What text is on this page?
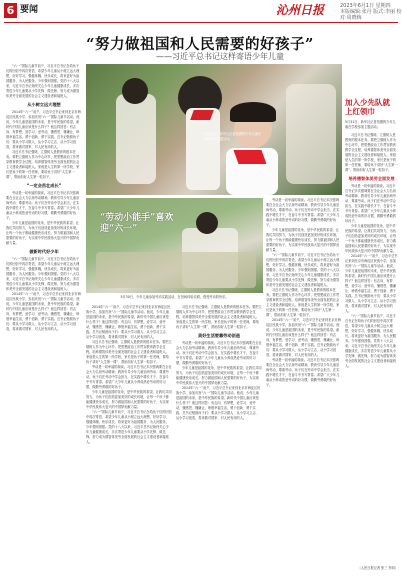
6 要闻	沁州日报	2023年6月1日 星期四
本版编辑:张丹 版式:李丽 校对:周晓梅
“努力做祖国和人民需要的好孩子”
——习近平总书记这样寄语少年儿童

“六一”国际儿童节前夕，习近平总书记在给孩子们的回信中再次寄语，希望少年儿童从小树立远大理想，好好学习，强健体魄，快乐成长，将来更好为祖国服务、为人民服务。少年强则国强。党的十八大以来，习近平总书记始终关心少年儿童健康成长，多次寄语少年儿童要从小学先锋、做先锋，努力成为德智体美劳全面发展的社会主义建设者和接班人。

从小树立远大理想

2014年“六一”前夕，习近平总书记来到北京市海淀区民族小学，参加庆祝“六一”国际儿童节活动。他说，少年儿童是祖国的未来，是中华民族的希望。新时代中国儿童应该是什么样子？他这样回答：有志向、有梦想，爱学习、爱劳动，懂感恩、懂谦让，珍惜幸福生活，勇于创新、勇于实践。总书记勉励孩子们：要从小学习做人、从小学习立志、从小学习创造，将来做对国家、对人民有用的人。

习近平总书记强调，立德树人是教育的根本任务。要把立德树人作为中心环节，把思想政治工作贯穿教育教学全过程，培养德智体美劳全面发展的社会主义建设者和接班人。家庭是人生的第一所学校，家长是孩子的第一任老师，要给孩子讲好“人生第一课”，帮助扣好人生第一粒扣子。

“一定会茁壮成长”

劳动是一切幸福的源泉。习近平总书记多次强调要在全社会大力弘扬劳动精神，教育引导少年儿童崇尚劳动、尊重劳动。孩子们在劳动中学会担当，在实践中增长才干，在奋斗中书写青春。希望广大少年儿童从小养成热爱劳动的好习惯，做勤劳勇敢的好孩子。

少年儿童是祖国的花朵，是中华民族的希望。让我们共同努力，为孩子们创造更加美好的成长环境，让每一个孩子都能健康快乐成长，努力做祖国和人民需要的好孩子，为实现中华民族伟大复兴的中国梦贡献力量。

做新时代好少年

“六一”国际儿童节前夕，习近平总书记在给孩子们的回信中再次寄语，希望少年儿童从小树立远大理想，好好学习，强健体魄，快乐成长，将来更好为祖国服务、为人民服务。少年强则国强。党的十八大以来，习近平总书记始终关心少年儿童健康成长，多次寄语少年儿童要从小学先锋、做先锋，努力成为德智体美劳全面发展的社会主义建设者和接班人。

2014年“六一”前夕，习近平总书记来到北京市海淀区民族小学，参加庆祝“六一”国际儿童节活动。他说，少年儿童是祖国的未来，是中华民族的希望。新时代中国儿童应该是什么样子？他这样回答：有志向、有梦想，爱学习、爱劳动，懂感恩、懂谦让，珍惜幸福生活，勇于创新、勇于实践。总书记勉励孩子们：要从小学习做人、从小学习立志、从小学习创造，将来做对国家、对人民有用的人。

5月31日，新华社记者拍摄的少年儿童在学校参加主题活动。
加入少先队就上红领巾
5月31日，新华社记者拍摄的少年儿童在学校参加主题活动。

习近平总书记强调，立德树人是教育的根本任务。要把立德树人作为中心环节，把思想政治工作贯穿教育教学全过程，培养德智体美劳全面发展的社会主义建设者和接班人。家庭是人生的第一所学校，家长是孩子的第一任老师，要给孩子讲好“人生第一课”，帮助扣好人生第一粒扣子。

培养德智体美劳全面发展

劳动是一切幸福的源泉。习近平总书记多次强调要在全社会大力弘扬劳动精神，教育引导少年儿童崇尚劳动、尊重劳动。孩子们在劳动中学会担当，在实践中增长才干，在奋斗中书写青春。希望广大少年儿童从小养成热爱劳动的好习惯，做勤劳勇敢的好孩子。

少年儿童是祖国的花朵，是中华民族的希望。让我们共同努力，为孩子们创造更加美好的成长环境，让每一个孩子都能健康快乐成长，努力做祖国和人民需要的好孩子，为实现中华民族伟大复兴的中国梦贡献力量。

2014年“六一”前夕，习近平总书记来到北京市海淀区民族小学，参加庆祝“六一”国际儿童节活动。他说，少年儿童是祖国的未来，是中华民族的希望。新时代中国儿童应该是什么样子？他这样回答：有志向、有梦想，爱学习、爱劳动，懂感恩、懂谦让，珍惜幸福生活，勇于创新、勇于实践。总书记勉励孩子们：要从小学习做人、从小学习立志、从小学习创造，将来做对国家、对人民有用的人。

“六一”国际儿童节前夕，习近平总书记在给孩子们的回信中再次寄语，希望少年儿童从小树立远大理想，好好学习，强健体魄，快乐成长，将来更好为祖国服务、为人民服务。少年强则国强。党的十八大以来，习近平总书记始终关心少年儿童健康成长，多次寄语少年儿童要从小学先锋、做先锋，努力成为德智体美劳全面发展的社会主义建设者和接班人。

“劳动小能手”喜欢迎“六一”
5月30日，少年儿童参加劳动实践活动，在田间体验农耕，感受劳动的快乐。

劳动是一切幸福的源泉。习近平总书记多次强调要在全社会大力弘扬劳动精神，教育引导少年儿童崇尚劳动、尊重劳动。孩子们在劳动中学会担当，在实践中增长才干，在奋斗中书写青春。希望广大少年儿童从小养成热爱劳动的好习惯，做勤劳勇敢的好孩子。

少年儿童是祖国的花朵，是中华民族的希望。让我们共同努力，为孩子们创造更加美好的成长环境，让每一个孩子都能健康快乐成长，努力做祖国和人民需要的好孩子，为实现中华民族伟大复兴的中国梦贡献力量。

“六一”国际儿童节前夕，习近平总书记在给孩子们的回信中再次寄语，希望少年儿童从小树立远大理想，好好学习，强健体魄，快乐成长，将来更好为祖国服务、为人民服务。少年强则国强。党的十八大以来，习近平总书记始终关心少年儿童健康成长，多次寄语少年儿童要从小学先锋、做先锋，努力成为德智体美劳全面发展的社会主义建设者和接班人。

习近平总书记强调，立德树人是教育的根本任务。要把立德树人作为中心环节，把思想政治工作贯穿教育教学全过程，培养德智体美劳全面发展的社会主义建设者和接班人。家庭是人生的第一所学校，家长是孩子的第一任老师，要给孩子讲好“人生第一课”，帮助扣好人生第一粒扣子。

2014年“六一”前夕，习近平总书记来到北京市海淀区民族小学，参加庆祝“六一”国际儿童节活动。他说，少年儿童是祖国的未来，是中华民族的希望。新时代中国儿童应该是什么样子？他这样回答：有志向、有梦想，爱学习、爱劳动，懂感恩、懂谦让，珍惜幸福生活，勇于创新、勇于实践。总书记勉励孩子们：要从小学习做人、从小学习立志、从小学习创造，将来做对国家、对人民有用的人。

劳动是一切幸福的源泉。习近平总书记多次强调要在全社会大力弘扬劳动精神，教育引导少年儿童崇尚劳动、尊重劳动。孩子们在劳动中学会担当，在实践中增长才干，在奋斗中书写青春。希望广大少年儿童从小养成热爱劳动的好习惯，做勤劳勇敢的好孩子。

2014年“六一”前夕，习近平总书记来到北京市海淀区民族小学，参加庆祝“六一”国际儿童节活动。他说，少年儿童是祖国的未来，是中华民族的希望。新时代中国儿童应该是什么样子？他这样回答：有志向、有梦想，爱学习、爱劳动，懂感恩、懂谦让，珍惜幸福生活，勇于创新、勇于实践。总书记勉励孩子们：要从小学习做人、从小学习立志、从小学习创造，将来做对国家、对人民有用的人。

习近平总书记强调，立德树人是教育的根本任务。要把立德树人作为中心环节，把思想政治工作贯穿教育教学全过程，培养德智体美劳全面发展的社会主义建设者和接班人。家庭是人生的第一所学校，家长是孩子的第一任老师，要给孩子讲好“人生第一课”，帮助扣好人生第一粒扣子。

劳动是一切幸福的源泉。习近平总书记多次强调要在全社会大力弘扬劳动精神，教育引导少年儿童崇尚劳动、尊重劳动。孩子们在劳动中学会担当，在实践中增长才干，在奋斗中书写青春。希望广大少年儿童从小养成热爱劳动的好习惯，做勤劳勇敢的好孩子。

少年儿童是祖国的花朵，是中华民族的希望。让我们共同努力，为孩子们创造更加美好的成长环境，让每一个孩子都能健康快乐成长，努力做祖国和人民需要的好孩子，为实现中华民族伟大复兴的中国梦贡献力量。

“六一”国际儿童节前夕，习近平总书记在给孩子们的回信中再次寄语，希望少年儿童从小树立远大理想，好好学习，强健体魄，快乐成长，将来更好为祖国服务、为人民服务。少年强则国强。党的十八大以来，习近平总书记始终关心少年儿童健康成长，多次寄语少年儿童要从小学先锋、做先锋，努力成为德智体美劳全面发展的社会主义建设者和接班人。

习近平总书记强调，立德树人是教育的根本任务。要把立德树人作为中心环节，把思想政治工作贯穿教育教学全过程，培养德智体美劳全面发展的社会主义建设者和接班人。家庭是人生的第一所学校，家长是孩子的第一任老师，要给孩子讲好“人生第一课”，帮助扣好人生第一粒扣子。

美好生活要靠劳动创造

劳动是一切幸福的源泉。习近平总书记多次强调要在全社会大力弘扬劳动精神，教育引导少年儿童崇尚劳动、尊重劳动。孩子们在劳动中学会担当，在实践中增长才干，在奋斗中书写青春。希望广大少年儿童从小养成热爱劳动的好习惯，做勤劳勇敢的好孩子。

少年儿童是祖国的花朵，是中华民族的希望。让我们共同努力，为孩子们创造更加美好的成长环境，让每一个孩子都能健康快乐成长，努力做祖国和人民需要的好孩子，为实现中华民族伟大复兴的中国梦贡献力量。

2014年“六一”前夕，习近平总书记来到北京市海淀区民族小学，参加庆祝“六一”国际儿童节活动。他说，少年儿童是祖国的未来，是中华民族的希望。新时代中国儿童应该是什么样子？他这样回答：有志向、有梦想，爱学习、爱劳动，懂感恩、懂谦让，珍惜幸福生活，勇于创新、勇于实践。总书记勉励孩子们：要从小学习做人、从小学习立志、从小学习创造，将来做对国家、对人民有用的人。

（人民日报记者 张三 李四）
